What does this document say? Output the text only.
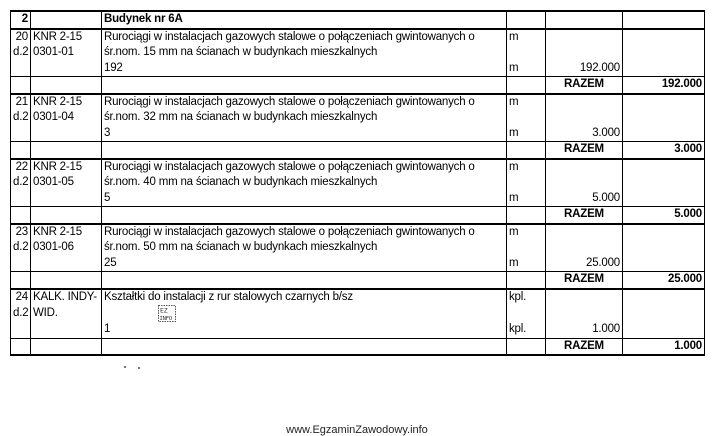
2		Budynek nr 6A			
20	KNR 2-15	Rurociągi w instalacjach gazowych stalowe o połączeniach gwintowanych o	m		
d.2	0301-01	śr.nom. 15 mm na ścianach w budynkach mieszkalnych			
		192	m	192.000	
				RAZEM	192.000
21	KNR 2-15	Rurociągi w instalacjach gazowych stalowe o połączeniach gwintowanych o	m		
d.2	0301-04	śr.nom. 32 mm na ścianach w budynkach mieszkalnych			
		3	m	3.000	
				RAZEM	3.000
22	KNR 2-15	Rurociągi w instalacjach gazowych stalowe o połączeniach gwintowanych o	m		
d.2	0301-05	śr.nom. 40 mm na ścianach w budynkach mieszkalnych			
		5	m	5.000	
				RAZEM	5.000
23	KNR 2-15	Rurociągi w instalacjach gazowych stalowe o połączeniach gwintowanych o	m		
d.2	0301-06	śr.nom. 50 mm na ścianach w budynkach mieszkalnych			
		25	m	25.000	
				RAZEM	25.000
24	KALK. INDY-	Kształtki do instalacji z rur stalowych czarnych b/sz	kpl.		
d.2	WID.	EZ
INFO			

		1	kpl.	1.000	
				RAZEM	1.000
www.EgzaminZawodowy.info
